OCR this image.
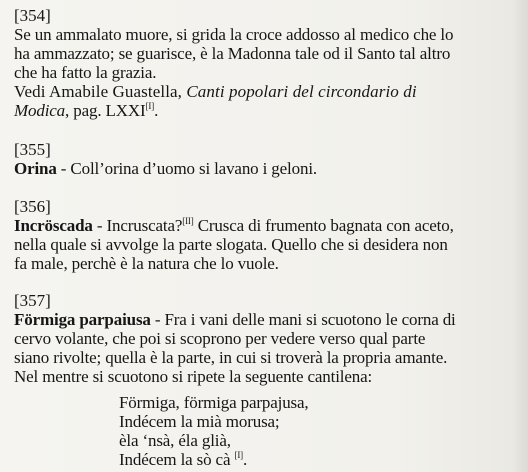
[354]
Se un ammalato muore, si grida la croce addosso al medico che lo
ha ammazzato; se guarisce, è la Madonna tale od il Santo tal altro
che ha fatto la grazia.
Vedi Amabile Guastella, Canti popolari del circondario di
Modica, pag. LXXI[I].
[355]
Orina - Coll’orina d’uomo si lavano i geloni.
[356]
Incröscada - Incruscata?[II] Crusca di frumento bagnata con aceto,
nella quale si avvolge la parte slogata. Quello che si desidera non
fa male, perchè è la natura che lo vuole.
[357]
Förmiga parpaiusa - Fra i vani delle mani si scuotono le corna di
cervo volante, che poi si scoprono per vedere verso qual parte
siano rivolte; quella è la parte, in cui si troverà la propria amante.
Nel mentre si scuotono si ripete la seguente cantilena:
Förmiga, förmiga parpajusa,
Indécem la mià morusa;
èla ‘nsà, éla glià,
Indécem la sò cà [I].
